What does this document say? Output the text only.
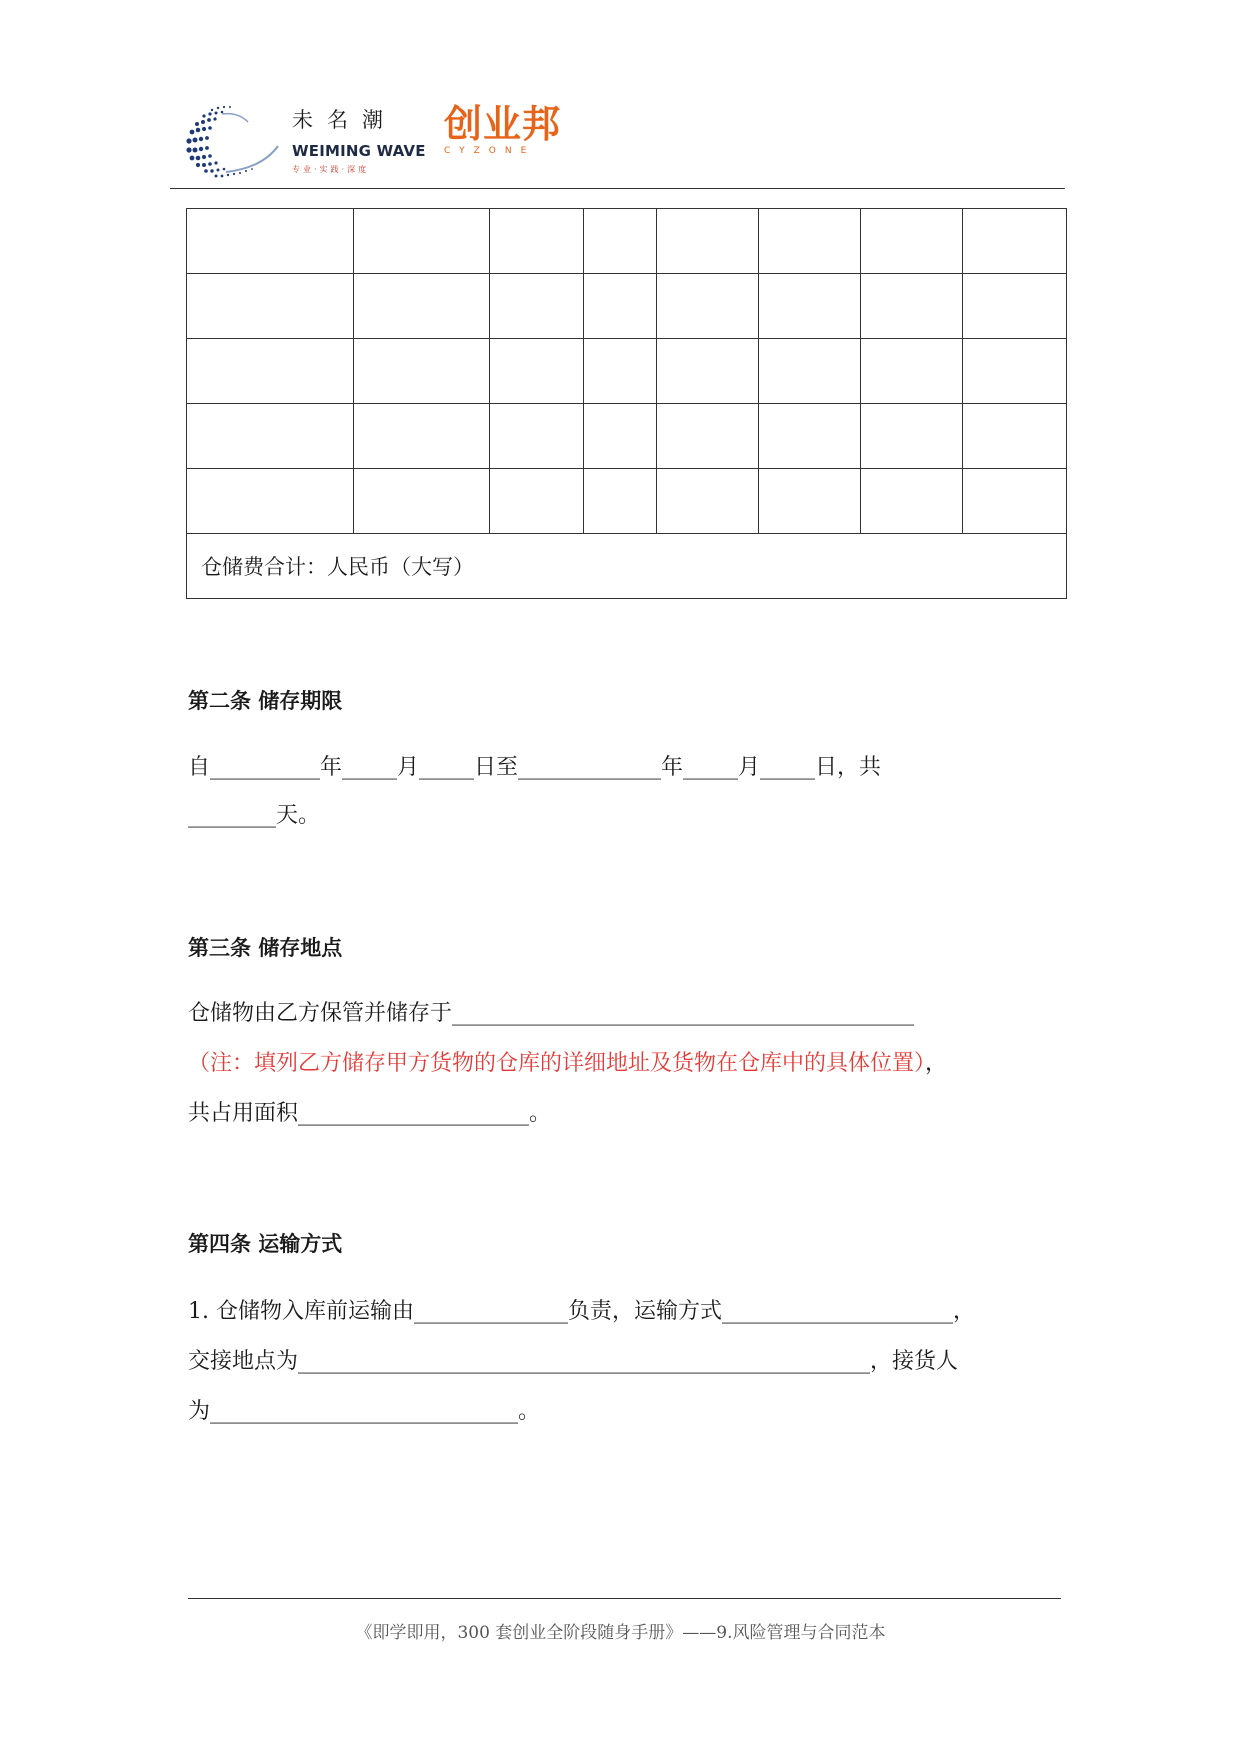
未名潮
WEIMING WAVE
专业·实践·深度
创业邦
CYZONE

仓储费合计：人民币（大写）							
第二条 储存期限
自__________年_____月_____日至_____________年_____月_____日，共
________天。
第三条 储存地点
仓储物由乙方保管并储存于__________________________________________
（注：填列乙方储存甲方货物的仓库的详细地址及货物在仓库中的具体位置），
共占用面积_____________________。
第四条 运输方式
1. 仓储物入库前运输由______________负责，运输方式_____________________，
交接地点为____________________________________________________，接货人
为____________________________。
《即学即用，300 套创业全阶段随身手册》——9.风险管理与合同范本
